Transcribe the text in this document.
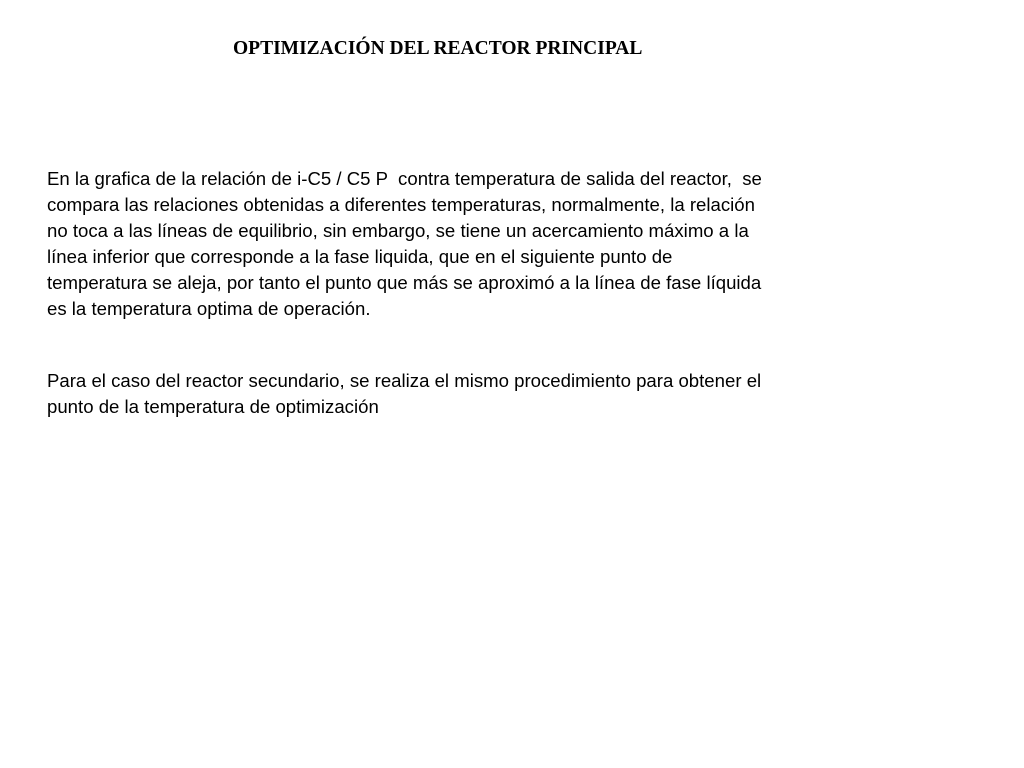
OPTIMIZACIÓN DEL REACTOR PRINCIPAL

En la grafica de la relación de i-C5 / C5 P  contra temperatura de salida del reactor,  se
compara las relaciones obtenidas a diferentes temperaturas, normalmente, la relación
no toca a las líneas de equilibrio, sin embargo, se tiene un acercamiento máximo a la
línea inferior que corresponde a la fase liquida, que en el siguiente punto de
temperatura se aleja, por tanto el punto que más se aproximó a la línea de fase líquida
es la temperatura optima de operación.

Para el caso del reactor secundario, se realiza el mismo procedimiento para obtener el
punto de la temperatura de optimización
